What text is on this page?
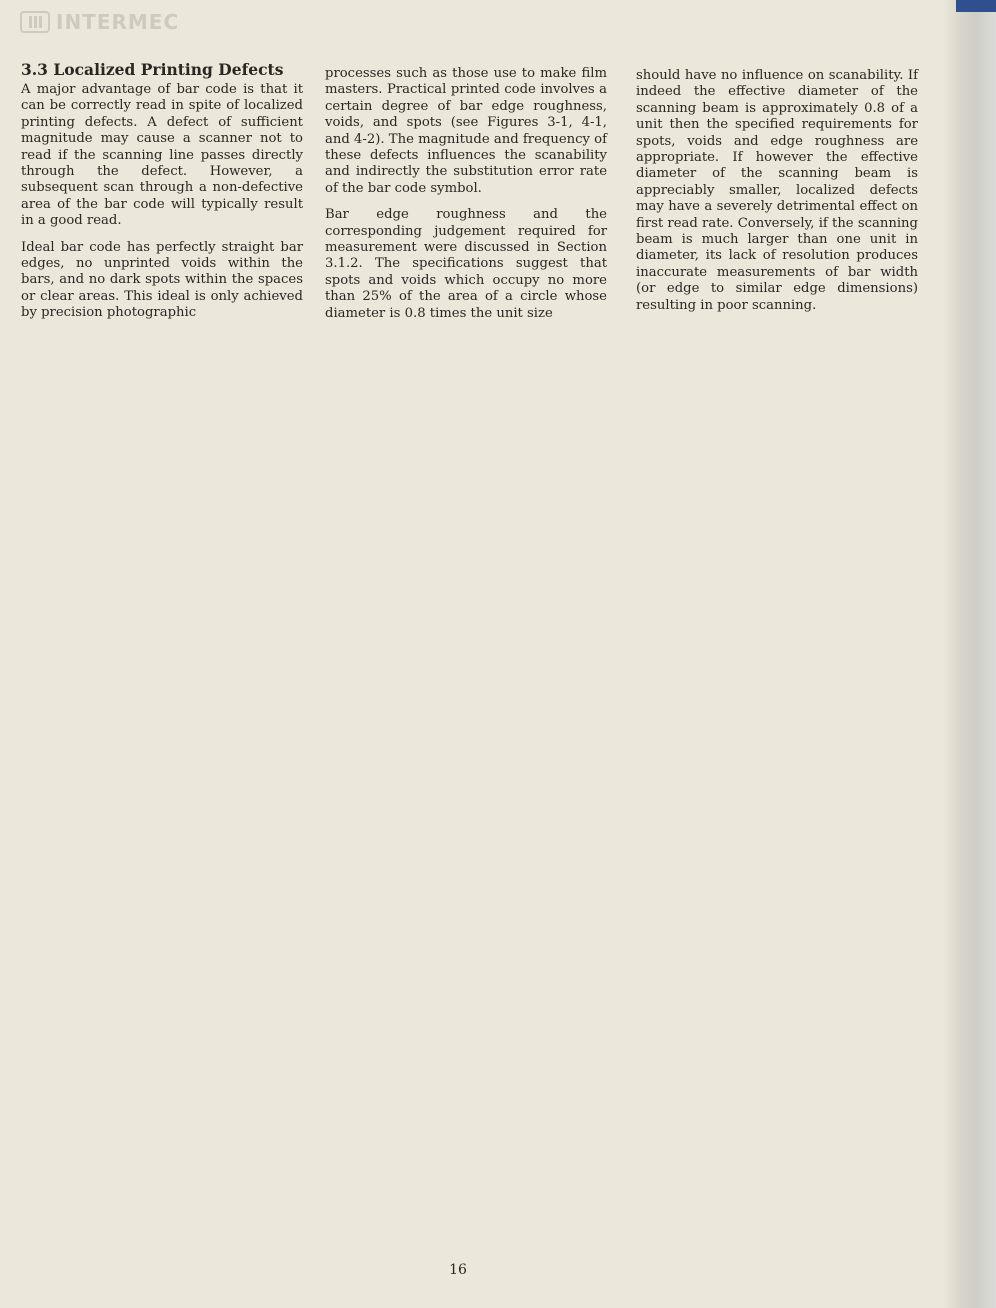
INTERMEC
3.3 Localized Printing Defects

A major advantage of bar code is that it can be correctly read in spite of localized printing defects. A defect of sufficient magnitude may cause a scanner not to read if the scanning line passes directly through the defect. However, a subsequent scan through a non-defective area of the bar code will typically result in a good read.

Ideal bar code has perfectly straight bar edges, no unprinted voids within the bars, and no dark spots within the spaces or clear areas. This ideal is only achieved by precision photographic

processes such as those use to make film masters. Practical printed code involves a certain degree of bar edge roughness, voids, and spots (see Figures 3-1, 4-1, and 4-2). The magnitude and frequency of these defects influences the scanability and indirectly the substitution error rate of the bar code symbol.

Bar edge roughness and the corresponding judgement required for measurement were discussed in Section 3.1.2. The specifications suggest that spots and voids which occupy no more than 25% of the area of a circle whose diameter is 0.8 times the unit size

should have no influence on scanability. If indeed the effective diameter of the scanning beam is approximately 0.8 of a unit then the specified requirements for spots, voids and edge roughness are appropriate. If however the effective diameter of the scanning beam is appreciably smaller, localized defects may have a severely detrimental effect on first read rate. Conversely, if the scanning beam is much larger than one unit in diameter, its lack of resolution produces inaccurate measurements of bar width (or edge to similar edge dimensions) resulting in poor scanning.

16
